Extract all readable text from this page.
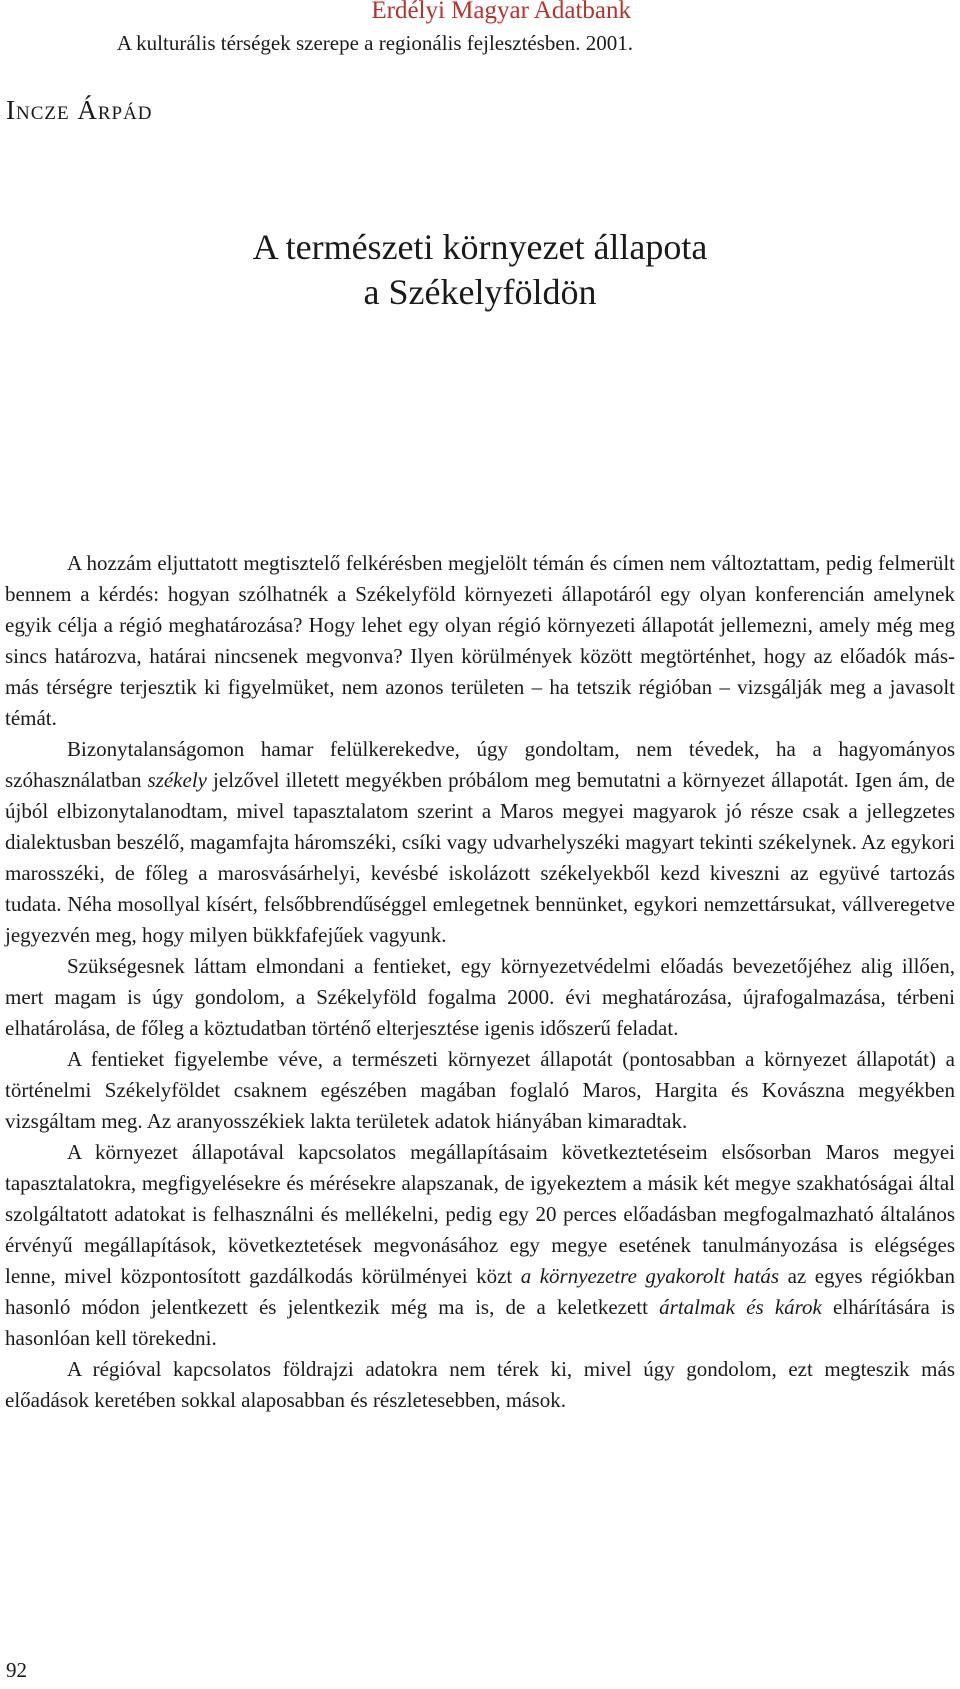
Erdélyi Magyar Adatbank
A kulturális térségek szerepe a regionális fejlesztésben. 2001.
Incze Árpád
A természeti környezet állapota
a Székelyföldön

A hozzám eljuttatott megtisztelő felkérésben megjelölt témán és címen nem változtattam, pedig felmerült bennem a kérdés: hogyan szólhatnék a Székelyföld környezeti állapotáról egy olyan konferencián amelynek egyik célja a régió meghatározása? Hogy lehet egy olyan régió környezeti állapotát jellemezni, amely még meg sincs határozva, határai nincsenek megvonva? Ilyen körülmények között megtörténhet, hogy az előadók más-más térségre terjesztik ki figyelmüket, nem azonos területen – ha tetszik régióban – vizsgálják meg a javasolt témát.

Bizonytalanságomon hamar felülkerekedve, úgy gondoltam, nem tévedek, ha a hagyományos szóhasználatban székely jelzővel illetett megyékben próbálom meg bemutatni a környezet állapotát. Igen ám, de újból elbizonytalanodtam, mivel tapasztalatom szerint a Maros megyei magyarok jó része csak a jellegzetes dialektusban beszélő, magamfajta háromszéki, csíki vagy udvarhelyszéki magyart tekinti székelynek. Az egykori marosszéki, de főleg a marosvásárhelyi, kevésbé iskolázott székelyekből kezd kiveszni az együvé tartozás tudata. Néha mosollyal kísért, felsőbbrendűséggel emlegetnek bennünket, egykori nemzettársukat, vállveregetve jegyezvén meg, hogy milyen bükkfafejűek vagyunk.

Szükségesnek láttam elmondani a fentieket, egy környezetvédelmi előadás bevezetőjéhez alig illően, mert magam is úgy gondolom, a Székelyföld fogalma 2000. évi meghatározása, újrafogalmazása, térbeni elhatárolása, de főleg a köztudatban történő elterjesztése igenis időszerű feladat.

A fentieket figyelembe véve, a természeti környezet állapotát (pontosabban a környezet állapotát) a történelmi Székelyföldet csaknem egészében magában foglaló Maros, Hargita és Kovászna megyékben vizsgáltam meg. Az aranyosszékiek lakta területek adatok hiányában kimaradtak.

A környezet állapotával kapcsolatos megállapításaim következtetéseim elsősorban Maros megyei tapasztalatokra, megfigyelésekre és mérésekre alapszanak, de igyekeztem a másik két megye szakhatóságai által szolgáltatott adatokat is felhasználni és mellékelni, pedig egy 20 perces előadásban megfogalmazható általános érvényű megállapítások, következtetések megvonásához egy megye esetének tanulmányozása is elégséges lenne, mivel központosított gazdálkodás körülményei közt a környezetre gyakorolt hatás az egyes régiókban hasonló módon jelentkezett és jelentkezik még ma is, de a keletkezett ártalmak és károk elhárítására is hasonlóan kell törekedni.

A régióval kapcsolatos földrajzi adatokra nem térek ki, mivel úgy gondolom, ezt megteszik más előadások keretében sokkal alaposabban és részletesebben, mások.

92
